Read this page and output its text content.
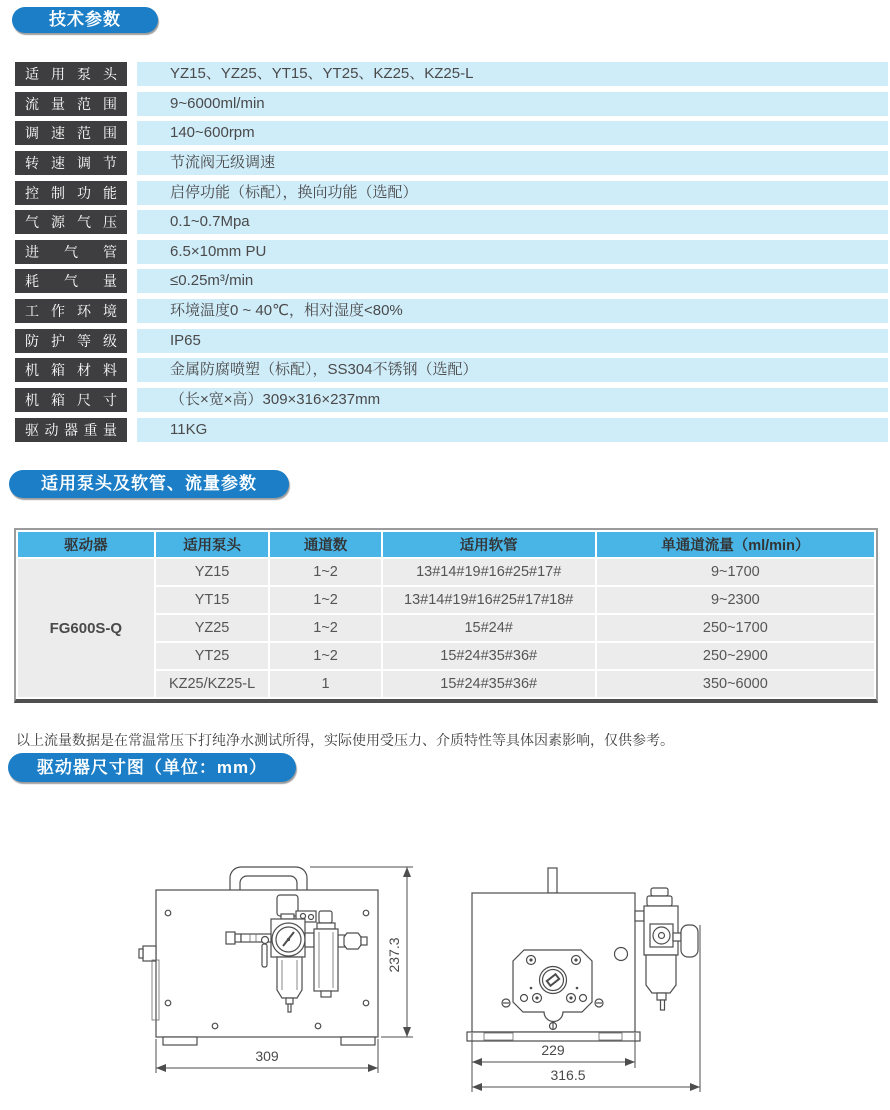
技术参数
适用泵头	YZ15、YZ25、YT15、YT25、KZ25、KZ25-L
流量范围	9~6000ml/min
调速范围	140~600rpm
转速调节	节流阀无级调速
控制功能	启停功能（标配），换向功能（选配）
气源气压	0.1~0.7Mpa
进气管	6.5×10mm PU
耗气量	≤0.25m³/min
工作环境	环境温度0 ~ 40℃，相对湿度<80%
防护等级	IP65
机箱材料	金属防腐喷塑（标配），SS304不锈钢（选配）
机箱尺寸	（长×宽×高）309×316×237mm
驱动器重量	11KG
适用泵头及软管、流量参数
驱动器	适用泵头	通道数	适用软管	单通道流量（ml/min）
FG600S-Q	YZ15	1~2	13#14#19#16#25#17#	9~1700
	YT15	1~2	13#14#19#16#25#17#18#	9~2300
	YZ25	1~2	15#24#	250~1700
	YT25	1~2	15#24#35#36#	250~2900
	KZ25/KZ25-L	1	15#24#35#36#	350~6000

以上流量数据是在常温常压下打纯净水测试所得，实际使用受压力、介质特性等具体因素影响，仅供参考。

驱动器尺寸图（单位：mm）
309
237.3
229
316.5
